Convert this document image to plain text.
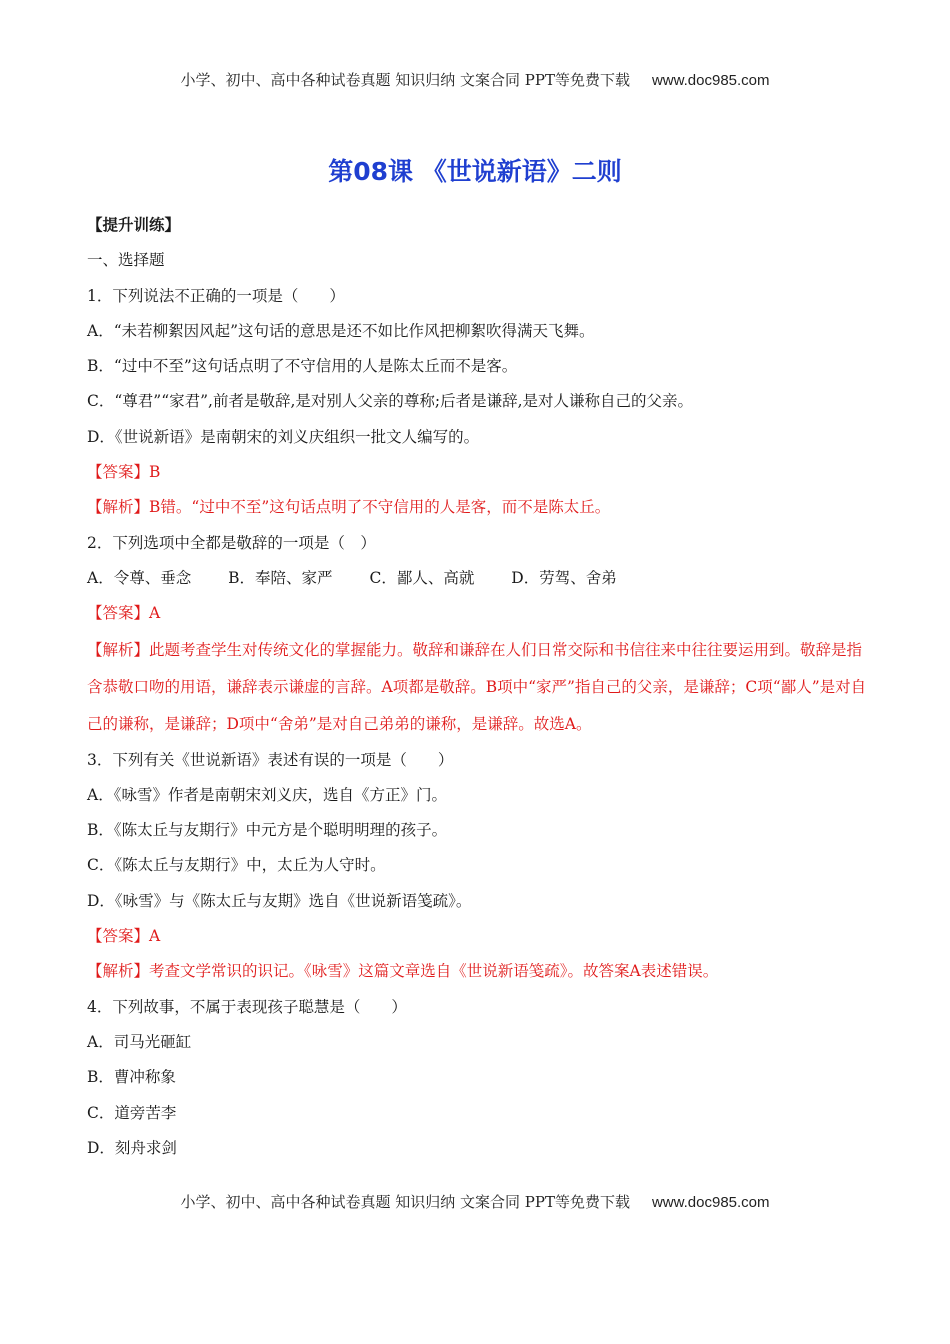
小学、初中、高中各种试卷真题 知识归纳 文案合同 PPT等免费下载 www.doc985.com
第08课 《世说新语》二则
【提升训练】
一、选择题
1．下列说法不正确的一项是（　　）
A．“未若柳絮因风起”这句话的意思是还不如比作风把柳絮吹得满天飞舞。
B．“过中不至”这句话点明了不守信用的人是陈太丘而不是客。
C．“尊君”“家君”,前者是敬辞,是对别人父亲的尊称;后者是谦辞,是对人谦称自己的父亲。
D．《世说新语》是南朝宋的刘义庆组织一批文人编写的。
【答案】B
【解析】B错。“过中不至”这句话点明了不守信用的人是客，而不是陈太丘。
2．下列选项中全都是敬辞的一项是（　）
A．令尊、垂念 B．奉陪、家严 C．鄙人、高就 D．劳驾、舍弟
【答案】A
【解析】此题考查学生对传统文化的掌握能力。敬辞和谦辞在人们日常交际和书信往来中往往要运用到。敬辞是指含恭敬口吻的用语，谦辞表示谦虚的言辞。A项都是敬辞。B项中“家严”指自己的父亲，是谦辞；C项“鄙人”是对自己的谦称，是谦辞；D项中“舍弟”是对自己弟弟的谦称，是谦辞。故选A。
3．下列有关《世说新语》表述有误的一项是（　　）
A．《咏雪》作者是南朝宋刘义庆，选自《方正》门。
B．《陈太丘与友期行》中元方是个聪明明理的孩子。
C．《陈太丘与友期行》中，太丘为人守时。
D．《咏雪》与《陈太丘与友期》选自《世说新语笺疏》。
【答案】A
【解析】考查文学常识的识记。《咏雪》这篇文章选自《世说新语笺疏》。故答案A表述错误。
4．下列故事，不属于表现孩子聪慧是（　　）
A．司马光砸缸
B．曹冲称象
C．道旁苦李
D．刻舟求剑
小学、初中、高中各种试卷真题 知识归纳 文案合同 PPT等免费下载 www.doc985.com
